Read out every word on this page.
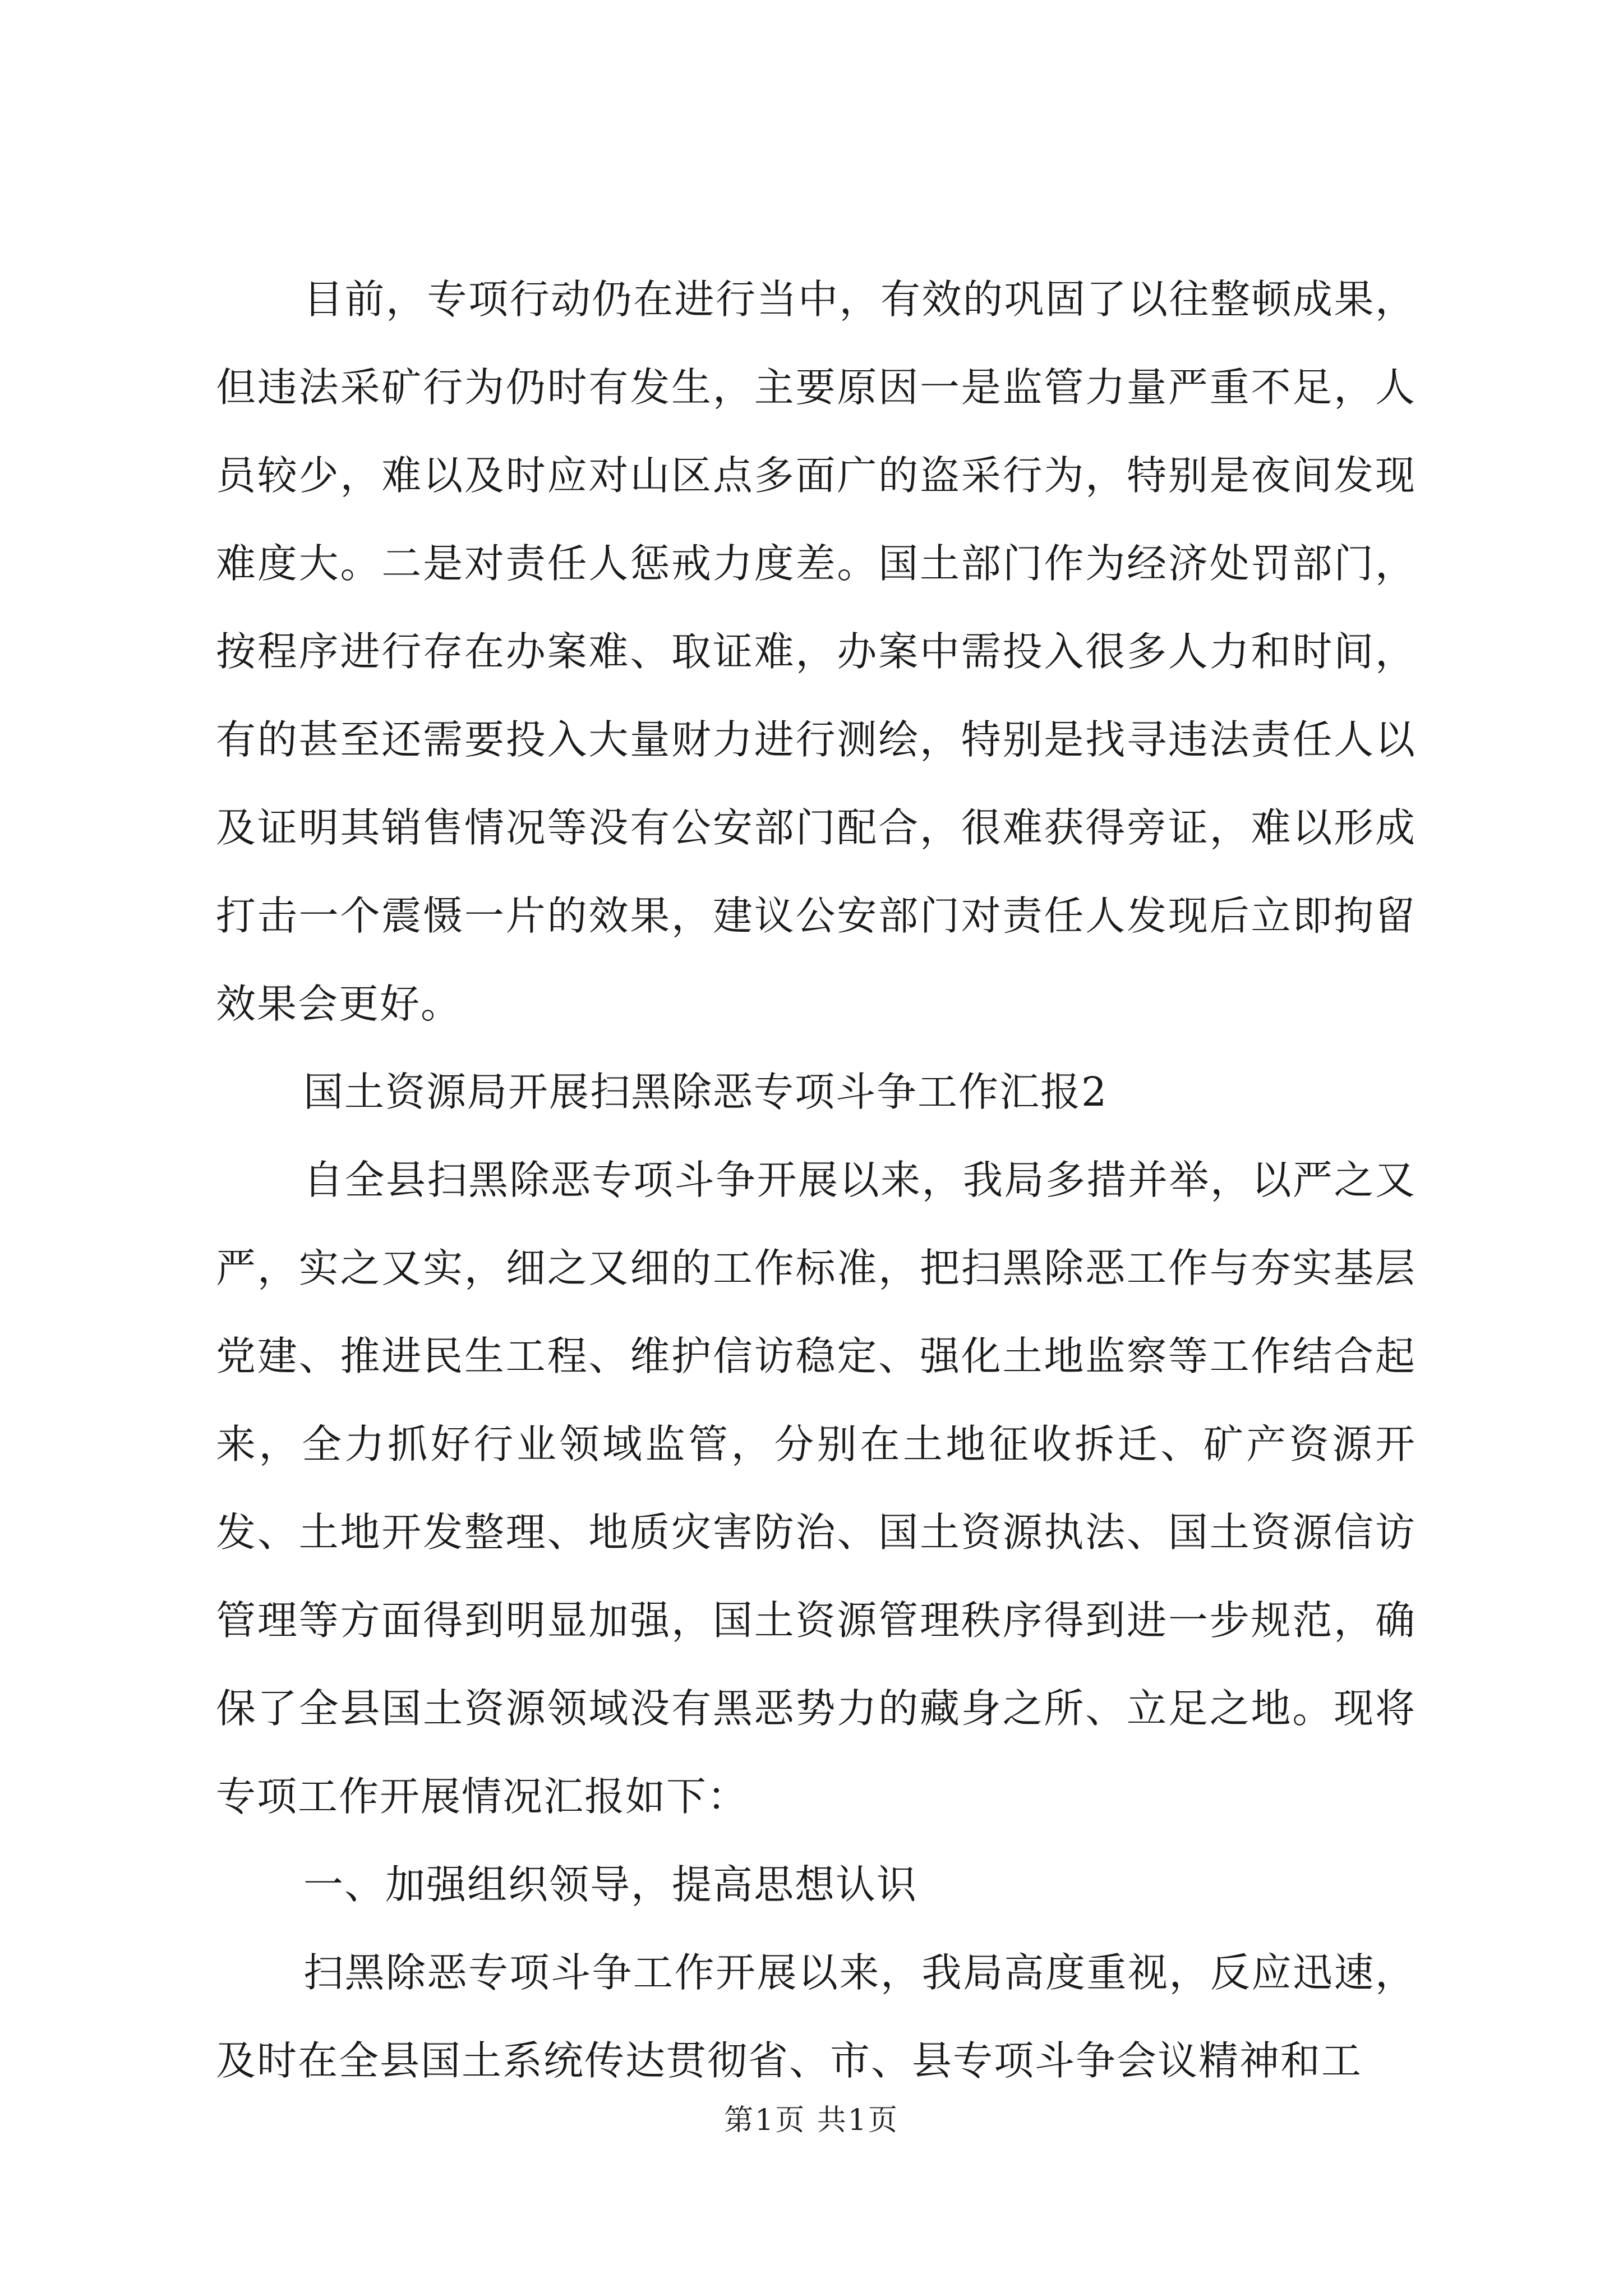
目前，专项行动仍在进行当中，有效的巩固了以往整顿成果，但违法采矿行为仍时有发生，主要原因一是监管力量严重不足，人员较少，难以及时应对山区点多面广的盗采行为，特别是夜间发现难度大。二是对责任人惩戒力度差。国土部门作为经济处罚部门，按程序进行存在办案难、取证难，办案中需投入很多人力和时间，有的甚至还需要投入大量财力进行测绘，特别是找寻违法责任人以及证明其销售情况等没有公安部门配合，很难获得旁证，难以形成打击一个震慑一片的效果，建议公安部门对责任人发现后立即拘留效果会更好。

国土资源局开展扫黑除恶专项斗争工作汇报2

自全县扫黑除恶专项斗争开展以来，我局多措并举，以严之又严，实之又实，细之又细的工作标准，把扫黑除恶工作与夯实基层党建、推进民生工程、维护信访稳定、强化土地监察等工作结合起来，全力抓好行业领域监管，分别在土地征收拆迁、矿产资源开发、土地开发整理、地质灾害防治、国土资源执法、国土资源信访管理等方面得到明显加强，国土资源管理秩序得到进一步规范，确保了全县国土资源领域没有黑恶势力的藏身之所、立足之地。现将专项工作开展情况汇报如下：

一、加强组织领导，提高思想认识

扫黑除恶专项斗争工作开展以来，我局高度重视，反应迅速，及时在全县国土系统传达贯彻省、市、县专项斗争会议精神和工

第1页 共1页
